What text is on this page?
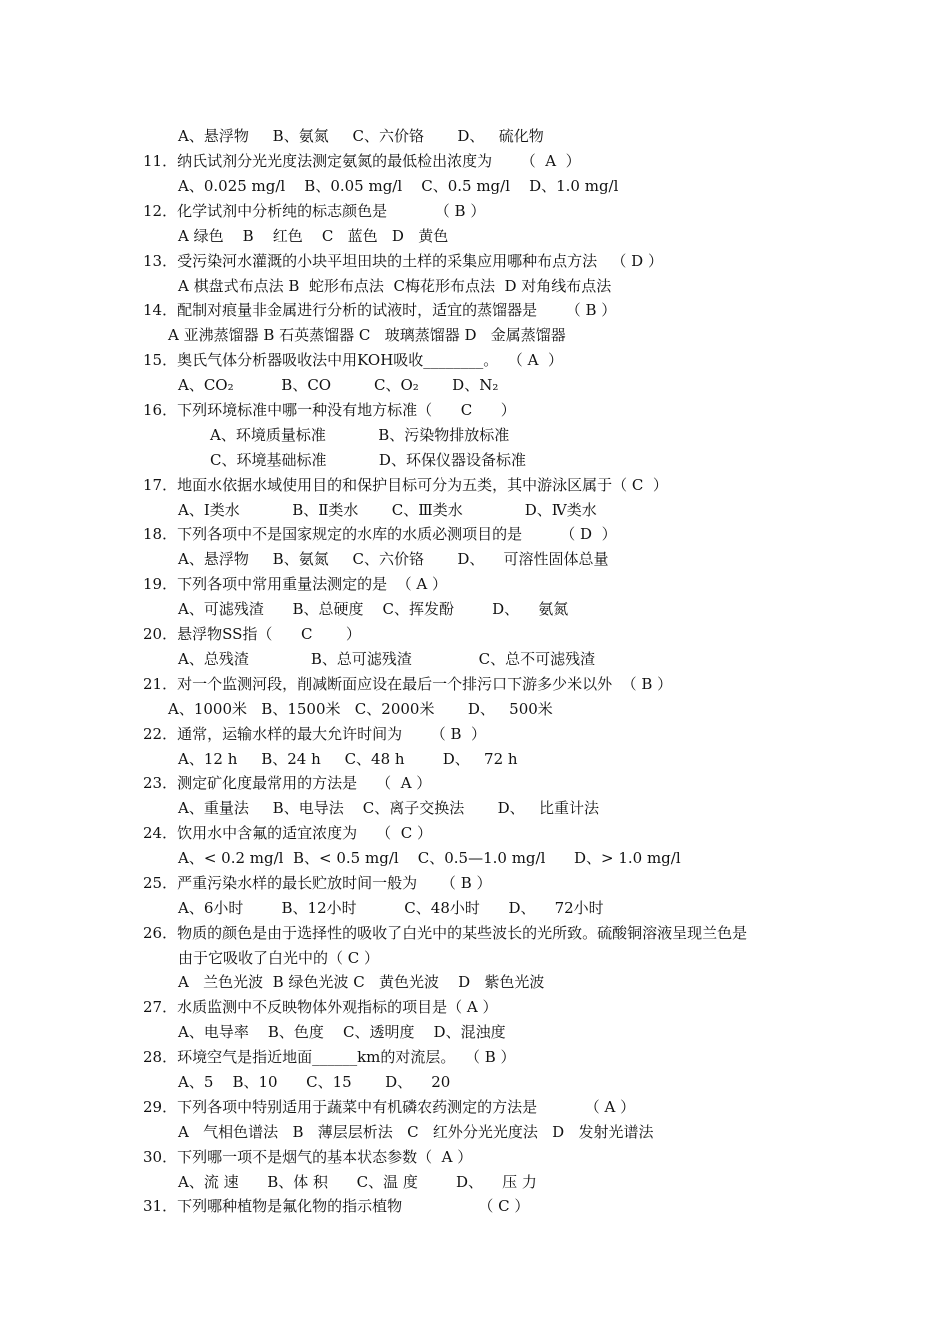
A、悬浮物     B、氨氮     C、六价铬       D、   硫化物
11．纳氏试剂分光光度法测定氨氮的最低检出浓度为      （  A  ）
A、0.025 mg/l    B、0.05 mg/l    C、0.5 mg/l    D、1.0 mg/l
12．化学试剂中分析纯的标志颜色是          （ B ）
A 绿色    B    红色    C   蓝色   D   黄色
13．受污染河水灌溉的小块平坦田块的土样的采集应用哪种布点方法   （ D ）
A 棋盘式布点法 B  蛇形布点法  C梅花形布点法  D 对角线布点法
14．配制对痕量非金属进行分析的试液时，适宜的蒸馏器是      （ B ）
A 亚沸蒸馏器 B 石英蒸馏器 C   玻璃蒸馏器 D   金属蒸馏器
15．奥氏气体分析器吸收法中用KOH吸收________。  （ A  ）
A、CO₂          B、CO         C、O₂       D、N₂
16．下列环境标准中哪一种没有地方标准（      C      ）
A、环境质量标准           B、污染物排放标准
C、环境基础标准           D、环保仪器设备标准
17．地面水依据水域使用目的和保护目标可分为五类，其中游泳区属于（ C  ）
A、Ⅰ类水           B、Ⅱ类水       C、Ⅲ类水             D、Ⅳ类水
18．下列各项中不是国家规定的水库的水质必测项目的是        （ D  ）
A、悬浮物     B、氨氮     C、六价铬       D、    可溶性固体总量
19．下列各项中常用重量法测定的是  （ A ）
A、可滤残渣      B、总硬度    C、挥发酚        D、    氨氮
20．悬浮物SS指（      C       ）
A、总残渣             B、总可滤残渣              C、总不可滤残渣
21．对一个监测河段，削减断面应设在最后一个排污口下游多少米以外  （ B ）
A、1000米   B、1500米   C、2000米       D、   500米
22．通常，运输水样的最大允许时间为      （ B  ）
A、12 h     B、24 h     C、48 h        D、   72 h
23．测定矿化度最常用的方法是    （  A ）
A、重量法     B、电导法    C、离子交换法       D、   比重计法
24．饮用水中含氟的适宜浓度为    （  C ）
A、< 0.2 mg/l  B、< 0.5 mg/l    C、0.5—1.0 mg/l      D、> 1.0 mg/l
25．严重污染水样的最长贮放时间一般为     （ B ）
A、6小时        B、12小时          C、48小时      D、    72小时
26．物质的颜色是由于选择性的吸收了白光中的某些波长的光所致。硫酸铜溶液呈现兰色是
由于它吸收了白光中的（ C ）
A   兰色光波  B 绿色光波 C   黄色光波    D   紫色光波
27．水质监测中不反映物体外观指标的项目是（ A ）
A、电导率    B、色度    C、透明度    D、混浊度
28．环境空气是指近地面______km的对流层。  （ B ）
A、5    B、10      C、15       D、    20
29．下列各项中特别适用于蔬菜中有机磷农药测定的方法是          （ A ）
A   气相色谱法   B   薄层层析法   C   红外分光光度法   D   发射光谱法
30．下列哪一项不是烟气的基本状态参数（  A ）
A、流 速      B、体 积      C、温 度        D、    压 力
31．下列哪种植物是氟化物的指示植物                （ C ）
